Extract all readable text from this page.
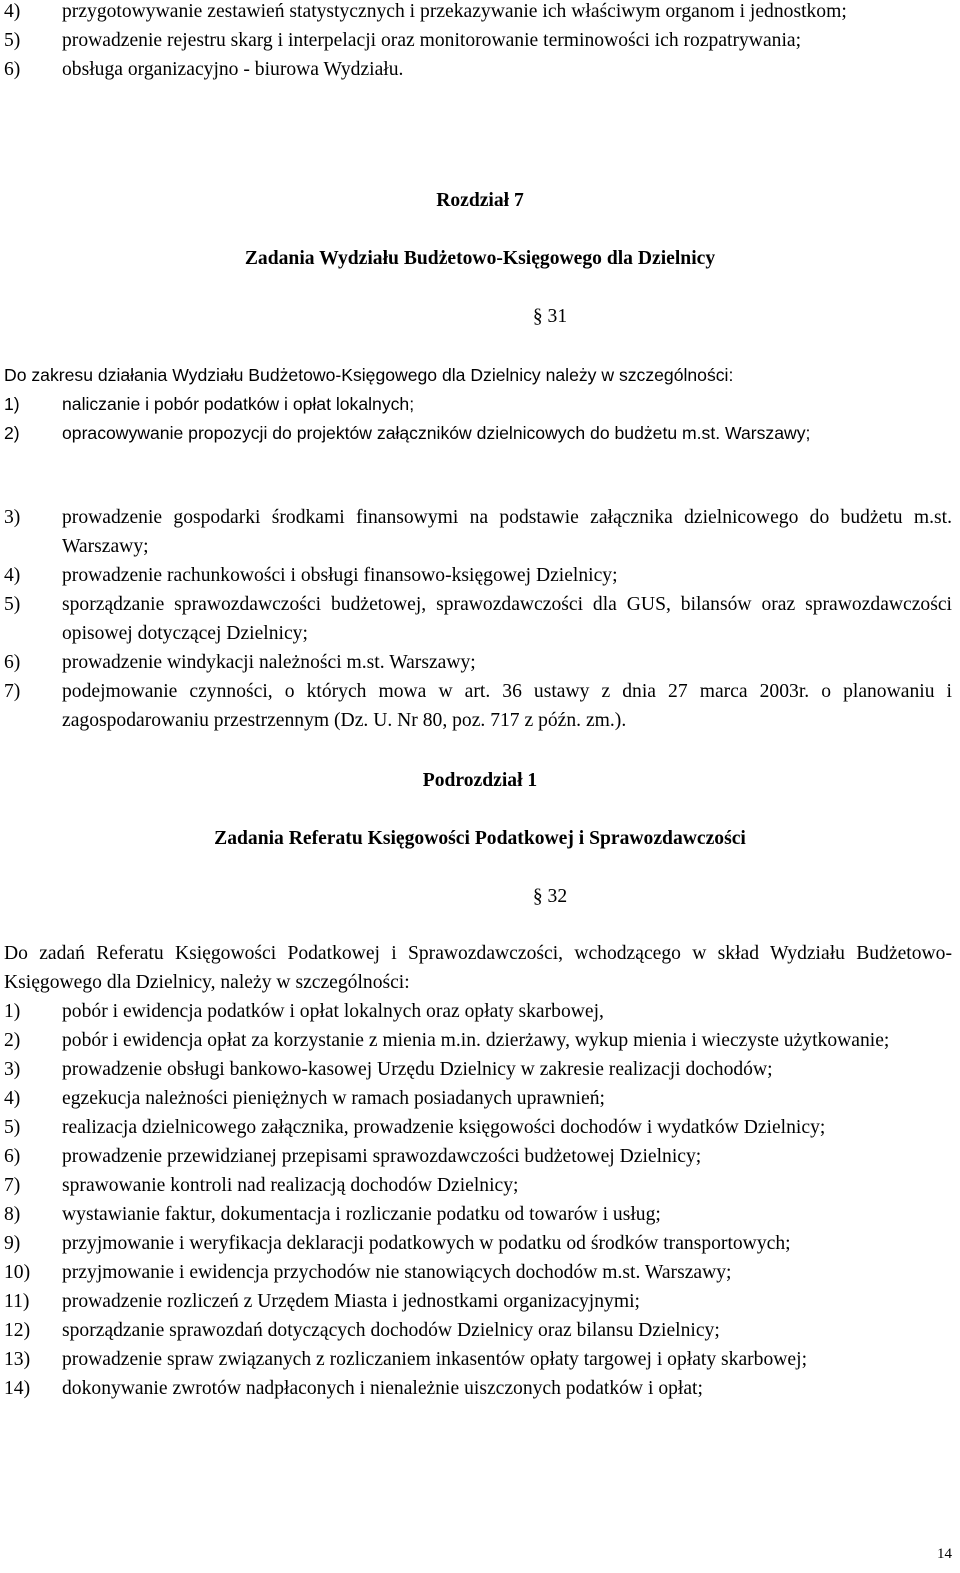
4)	przygotowywanie zestawień statystycznych i przekazywanie ich właściwym organom i jednostkom;
5)	prowadzenie rejestru skarg i interpelacji oraz monitorowanie terminowości ich rozpatrywania;
6)	obsługa organizacyjno - biurowa Wydziału.
Rozdział 7
Zadania Wydziału Budżetowo-Księgowego dla Dzielnicy
§ 31
Do zakresu działania Wydziału Budżetowo-Księgowego dla Dzielnicy należy w szczególności:
1)	naliczanie i pobór podatków i opłat lokalnych;
2)	opracowywanie propozycji do projektów załączników dzielnicowych do budżetu m.st. Warszawy;
3)	prowadzenie gospodarki środkami finansowymi na podstawie załącznika dzielnicowego do budżetu m.st. Warszawy;
4)	prowadzenie rachunkowości i obsługi finansowo-księgowej Dzielnicy;
5)	sporządzanie sprawozdawczości budżetowej, sprawozdawczości dla GUS, bilansów oraz sprawozdawczości opisowej dotyczącej Dzielnicy;
6)	prowadzenie windykacji należności m.st. Warszawy;
7)	podejmowanie czynności, o których mowa w art. 36 ustawy z dnia 27 marca 2003r. o planowaniu i zagospodarowaniu przestrzennym (Dz. U. Nr 80, poz. 717 z późn. zm.).
Podrozdział 1
Zadania Referatu Księgowości Podatkowej i Sprawozdawczości
§ 32
Do zadań Referatu Księgowości Podatkowej i Sprawozdawczości, wchodzącego w skład Wydziału Budżetowo-Księgowego dla Dzielnicy, należy w szczególności:
1)	pobór i ewidencja podatków i opłat lokalnych oraz opłaty skarbowej,
2)	pobór i ewidencja opłat za korzystanie z mienia m.in. dzierżawy, wykup mienia i wieczyste użytkowanie;
3)	prowadzenie obsługi bankowo-kasowej Urzędu Dzielnicy w zakresie realizacji dochodów;
4)	egzekucja należności pieniężnych w ramach posiadanych uprawnień;
5)	realizacja dzielnicowego załącznika, prowadzenie księgowości dochodów i wydatków Dzielnicy;
6)	prowadzenie przewidzianej przepisami sprawozdawczości budżetowej Dzielnicy;
7)	sprawowanie kontroli nad realizacją dochodów Dzielnicy;
8)	wystawianie faktur, dokumentacja i rozliczanie podatku od towarów i usług;
9)	przyjmowanie i weryfikacja deklaracji podatkowych w podatku od środków transportowych;
10)	przyjmowanie i ewidencja przychodów nie stanowiących dochodów m.st. Warszawy;
11)	prowadzenie rozliczeń z Urzędem Miasta i jednostkami organizacyjnymi;
12)	sporządzanie sprawozdań dotyczących dochodów Dzielnicy oraz bilansu Dzielnicy;
13)	prowadzenie spraw związanych z rozliczaniem inkasentów opłaty targowej i opłaty skarbowej;
14)	dokonywanie zwrotów nadpłaconych i nienależnie uiszczonych podatków i opłat;
14
